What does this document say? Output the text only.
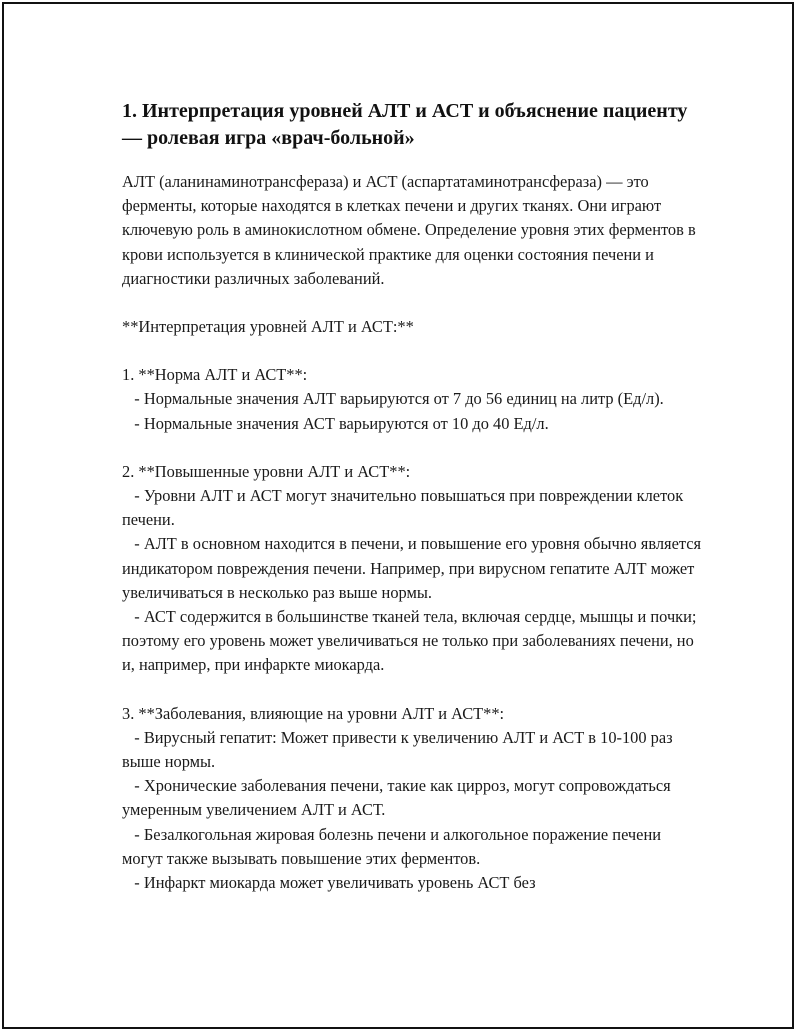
1. Интерпретация уровней АЛТ и АСТ и объяснение пациенту — ролевая игра «врач-больной»

АЛТ (аланинаминотрансфераза) и АСТ (аспартатаминотрансфераза) — это ферменты, которые находятся в клетках печени и других тканях. Они играют ключевую роль в аминокислотном обмене. Определение уровня этих ферментов в крови используется в клинической практике для оценки состояния печени и диагностики различных заболеваний.

**Интерпретация уровней АЛТ и АСТ:**

1. **Норма АЛТ и АСТ**:

- Нормальные значения АЛТ варьируются от 7 до 56 единиц на литр (Ед/л).

- Нормальные значения АСТ варьируются от 10 до 40 Ед/л.

2. **Повышенные уровни АЛТ и АСТ**:

- Уровни АЛТ и АСТ могут значительно повышаться при повреждении клеток печени.

- АЛТ в основном находится в печени, и повышение его уровня обычно является индикатором повреждения печени. Например, при вирусном гепатите АЛТ может увеличиваться в несколько раз выше нормы.

- АСТ содержится в большинстве тканей тела, включая сердце, мышцы и почки; поэтому его уровень может увеличиваться не только при заболеваниях печени, но и, например, при инфаркте миокарда.

3. **Заболевания, влияющие на уровни АЛТ и АСТ**:

- Вирусный гепатит: Может привести к увеличению АЛТ и АСТ в 10-100 раз выше нормы.

- Хронические заболевания печени, такие как цирроз, могут сопровождаться умеренным увеличением АЛТ и АСТ.

- Безалкогольная жировая болезнь печени и алкогольное поражение печени могут также вызывать повышение этих ферментов.

- Инфаркт миокарда может увеличивать уровень АСТ без
